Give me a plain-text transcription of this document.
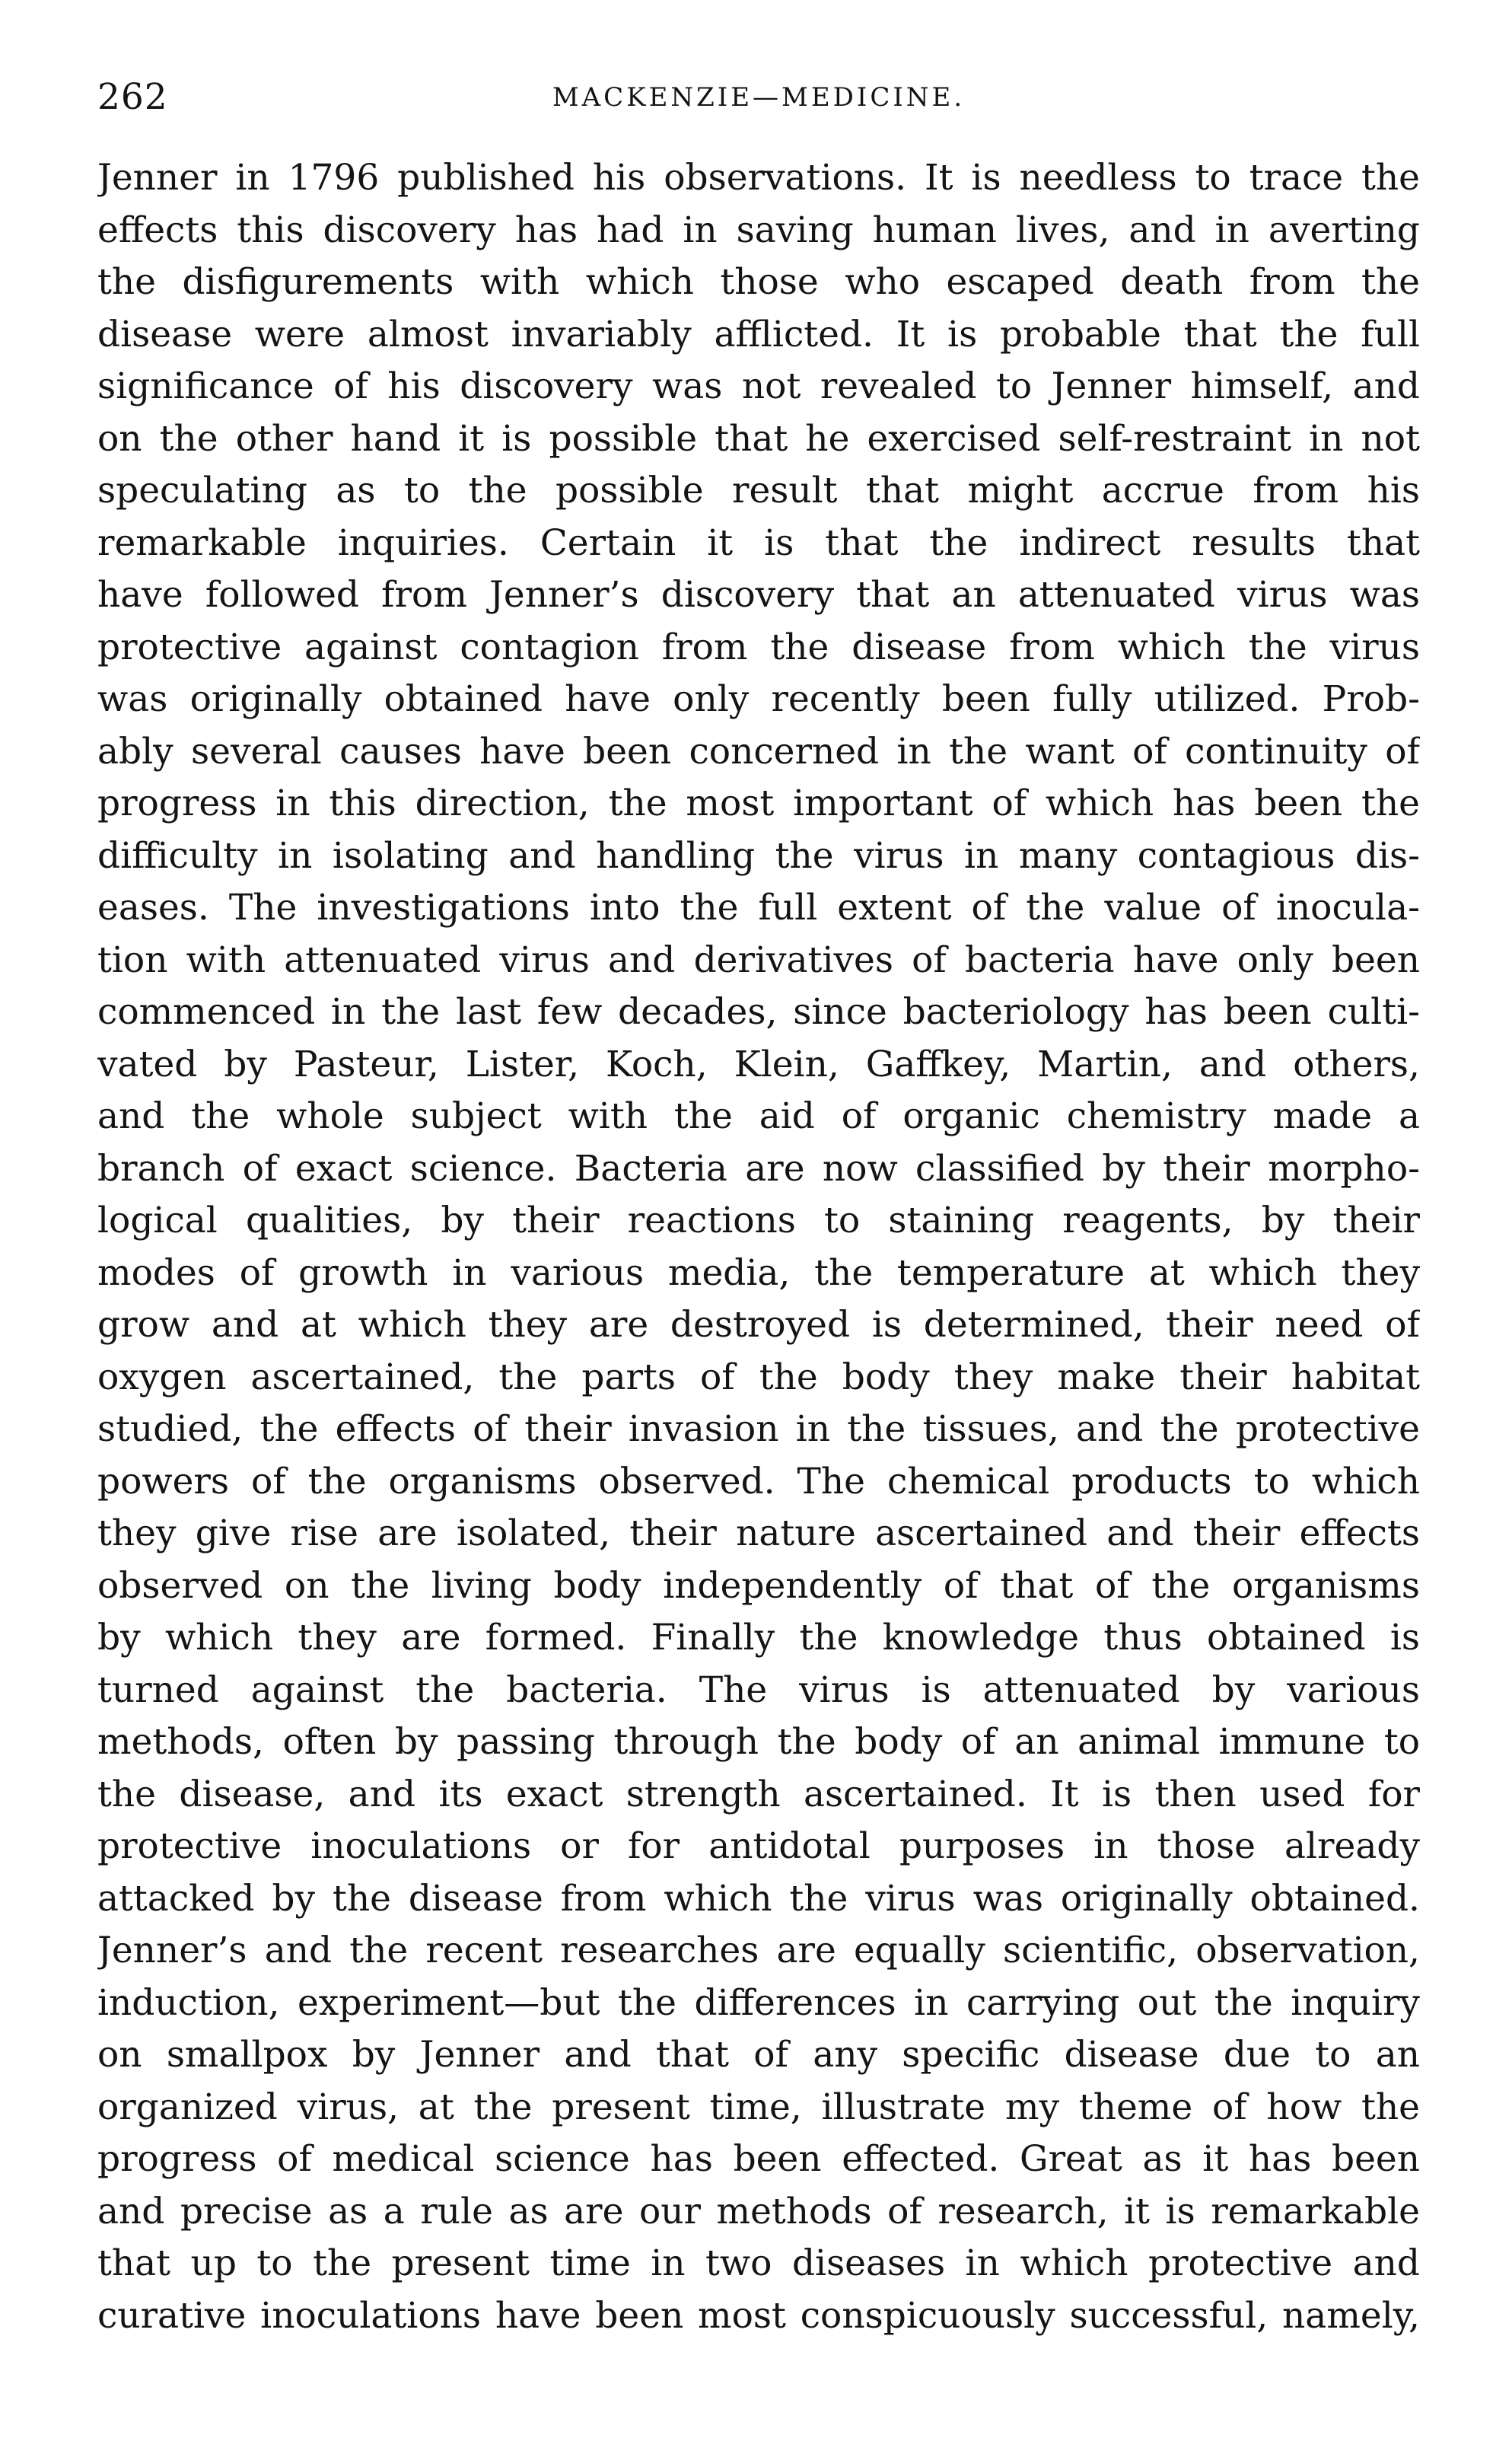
262	MACKENZIE—MEDICINE.
Jenner in 1796 published his observations. It is needless to trace the
effects this discovery has had in saving human lives, and in averting
the disfigurements with which those who escaped death from the
disease were almost invariably afflicted. It is probable that the full
significance of his discovery was not revealed to Jenner himself, and
on the other hand it is possible that he exercised self-restraint in not
speculating as to the possible result that might accrue from his
remarkable inquiries. Certain it is that the indirect results that
have followed from Jenner’s discovery that an attenuated virus was
protective against contagion from the disease from which the virus
was originally obtained have only recently been fully utilized. Prob-
ably several causes have been concerned in the want of continuity of
progress in this direction, the most important of which has been the
difficulty in isolating and handling the virus in many contagious dis-
eases. The investigations into the full extent of the value of inocula-
tion with attenuated virus and derivatives of bacteria have only been
commenced in the last few decades, since bacteriology has been culti-
vated by Pasteur, Lister, Koch, Klein, Gaffkey, Martin, and others,
and the whole subject with the aid of organic chemistry made a
branch of exact science. Bacteria are now classified by their morpho-
logical qualities, by their reactions to staining reagents, by their
modes of growth in various media, the temperature at which they
grow and at which they are destroyed is determined, their need of
oxygen ascertained, the parts of the body they make their habitat
studied, the effects of their invasion in the tissues, and the protective
powers of the organisms observed. The chemical products to which
they give rise are isolated, their nature ascertained and their effects
observed on the living body independently of that of the organisms
by which they are formed. Finally the knowledge thus obtained is
turned against the bacteria. The virus is attenuated by various
methods, often by passing through the body of an animal immune to
the disease, and its exact strength ascertained. It is then used for
protective inoculations or for antidotal purposes in those already
attacked by the disease from which the virus was originally obtained.
Jenner’s and the recent researches are equally scientific, observation,
induction, experiment—but the differences in carrying out the inquiry
on smallpox by Jenner and that of any specific disease due to an
organized virus, at the present time, illustrate my theme of how the
progress of medical science has been effected. Great as it has been
and precise as a rule as are our methods of research, it is remarkable
that up to the present time in two diseases in which protective and
curative inoculations have been most conspicuously successful, namely,
